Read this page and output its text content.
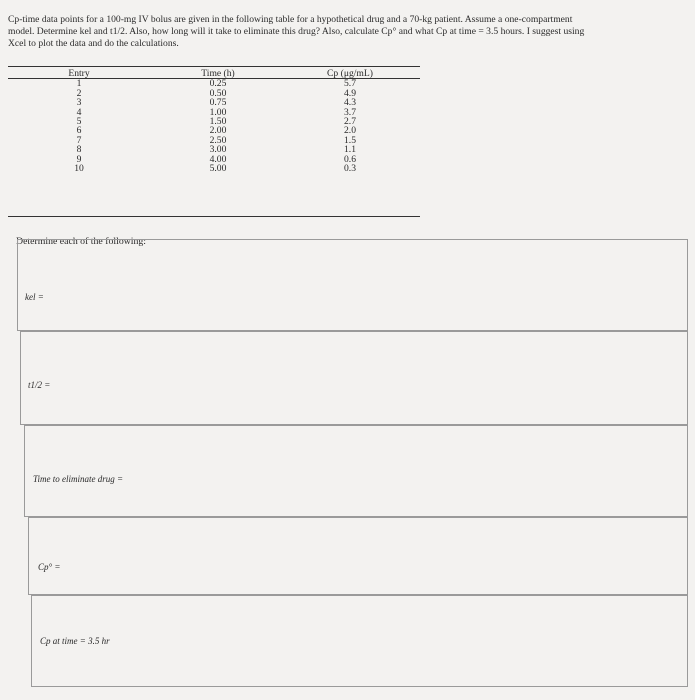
Cp-time data points for a 100-mg IV bolus are given in the following table for a hypothetical drug and a 70-kg patient. Assume a one-compartment
model. Determine kel and t1/2. Also, how long will it take to eliminate this drug? Also, calculate Cp° and what Cp at time = 3.5 hours. I suggest using
Xcel to plot the data and do the calculations.
Entry
1
2
3
4
5
6
7
8
9
10
Time (h)
0.25
0.50
0.75
1.00
1.50
2.00
2.50
3.00
4.00
5.00
Cp (μg/mL)
5.7
4.9
4.3
3.7
2.7
2.0
1.5
1.1
0.6
0.3
Determine each of the following:
kel =
t1/2 =
Time to eliminate drug =
Cp° =
Cp at time = 3.5 hr
